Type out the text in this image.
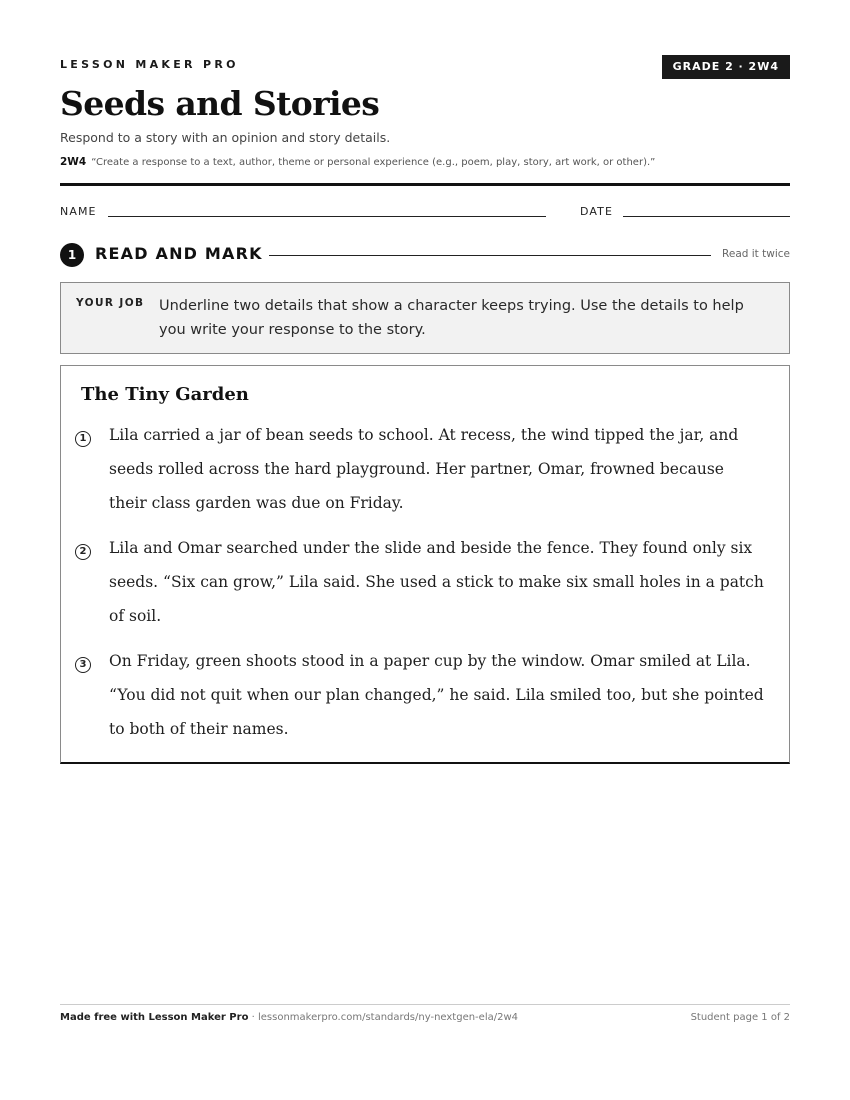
LESSON MAKER PRO	GRADE 2 · 2W4
Seeds and Stories
Respond to a story with an opinion and story details.
2W4 “Create a response to a text, author, theme or personal experience (e.g., poem, play, story, art work, or other).”
NAME	DATE
1	READ AND MARK	Read it twice
YOUR JOB Underline two details that show a character keeps trying. Use the details to help you write your response to the story.
The Tiny Garden
1 Lila carried a jar of bean seeds to school. At recess, the wind tipped the jar, and seeds rolled across the hard playground. Her partner, Omar, frowned because their class garden was due on Friday.
2 Lila and Omar searched under the slide and beside the fence. They found only six seeds. “Six can grow,” Lila said. She used a stick to make six small holes in a patch of soil.
3 On Friday, green shoots stood in a paper cup by the window. Omar smiled at Lila. “You did not quit when our plan changed,” he said. Lila smiled too, but she pointed to both of their names.
Made free with Lesson Maker Pro · lessonmakerpro.com/standards/ny-nextgen-ela/2w4	Student page 1 of 2
